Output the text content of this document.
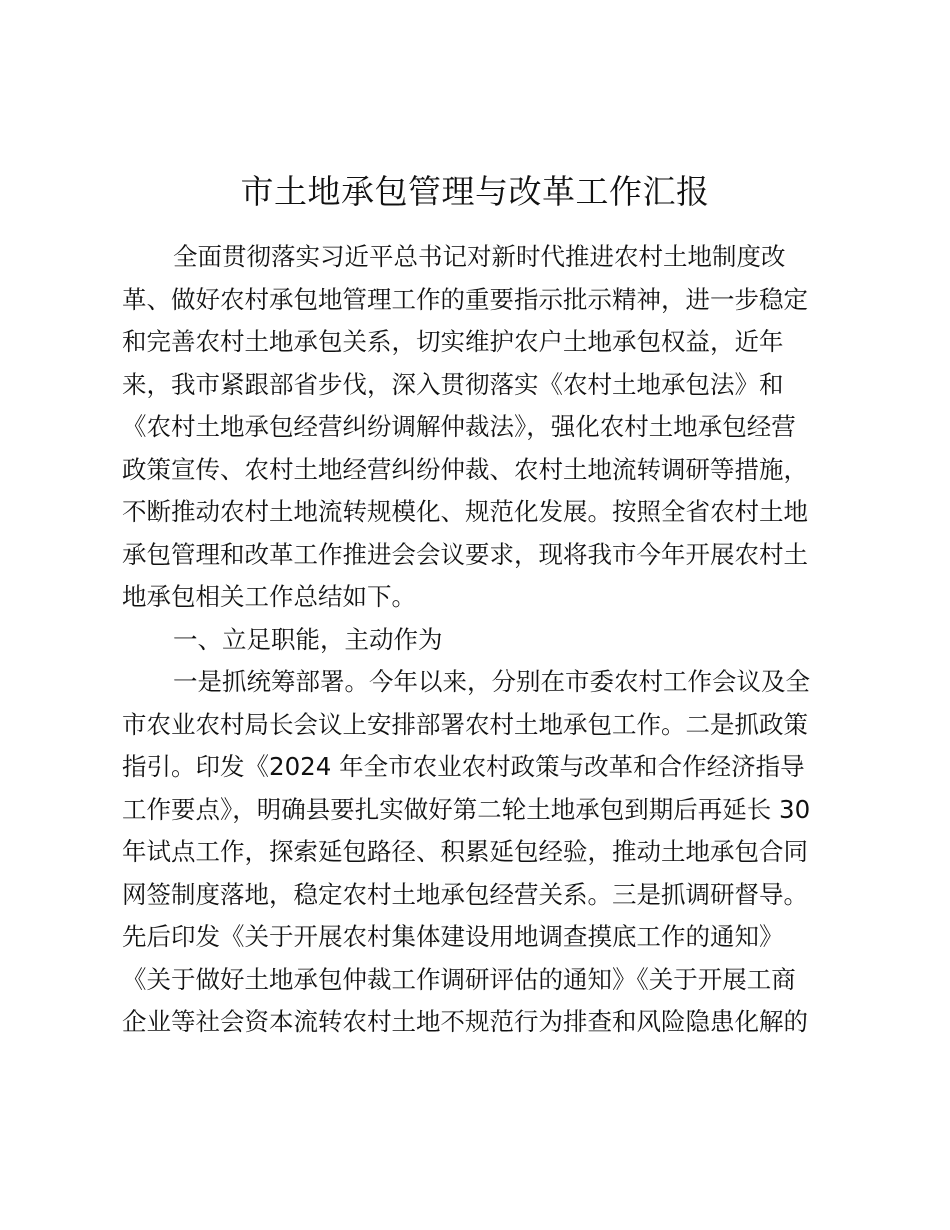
市土地承包管理与改革工作汇报
全面贯彻落实习近平总书记对新时代推进农村土地制度改
革、做好农村承包地管理工作的重要指示批示精神，进一步稳定
和完善农村土地承包关系，切实维护农户土地承包权益，近年
来，我市紧跟部省步伐，深入贯彻落实《农村土地承包法》和
《农村土地承包经营纠纷调解仲裁法》，强化农村土地承包经营
政策宣传、农村土地经营纠纷仲裁、农村土地流转调研等措施，
不断推动农村土地流转规模化、规范化发展。按照全省农村土地
承包管理和改革工作推进会会议要求，现将我市今年开展农村土
地承包相关工作总结如下。
一、立足职能，主动作为
一是抓统筹部署。今年以来，分别在市委农村工作会议及全
市农业农村局长会议上安排部署农村土地承包工作。二是抓政策
指引。印发《2024 年全市农业农村政策与改革和合作经济指导
工作要点》，明确县要扎实做好第二轮土地承包到期后再延长 30
年试点工作，探索延包路径、积累延包经验，推动土地承包合同
网签制度落地，稳定农村土地承包经营关系。三是抓调研督导。
先后印发《关于开展农村集体建设用地调查摸底工作的通知》
《关于做好土地承包仲裁工作调研评估的通知》《关于开展工商
企业等社会资本流转农村土地不规范行为排查和风险隐患化解的
